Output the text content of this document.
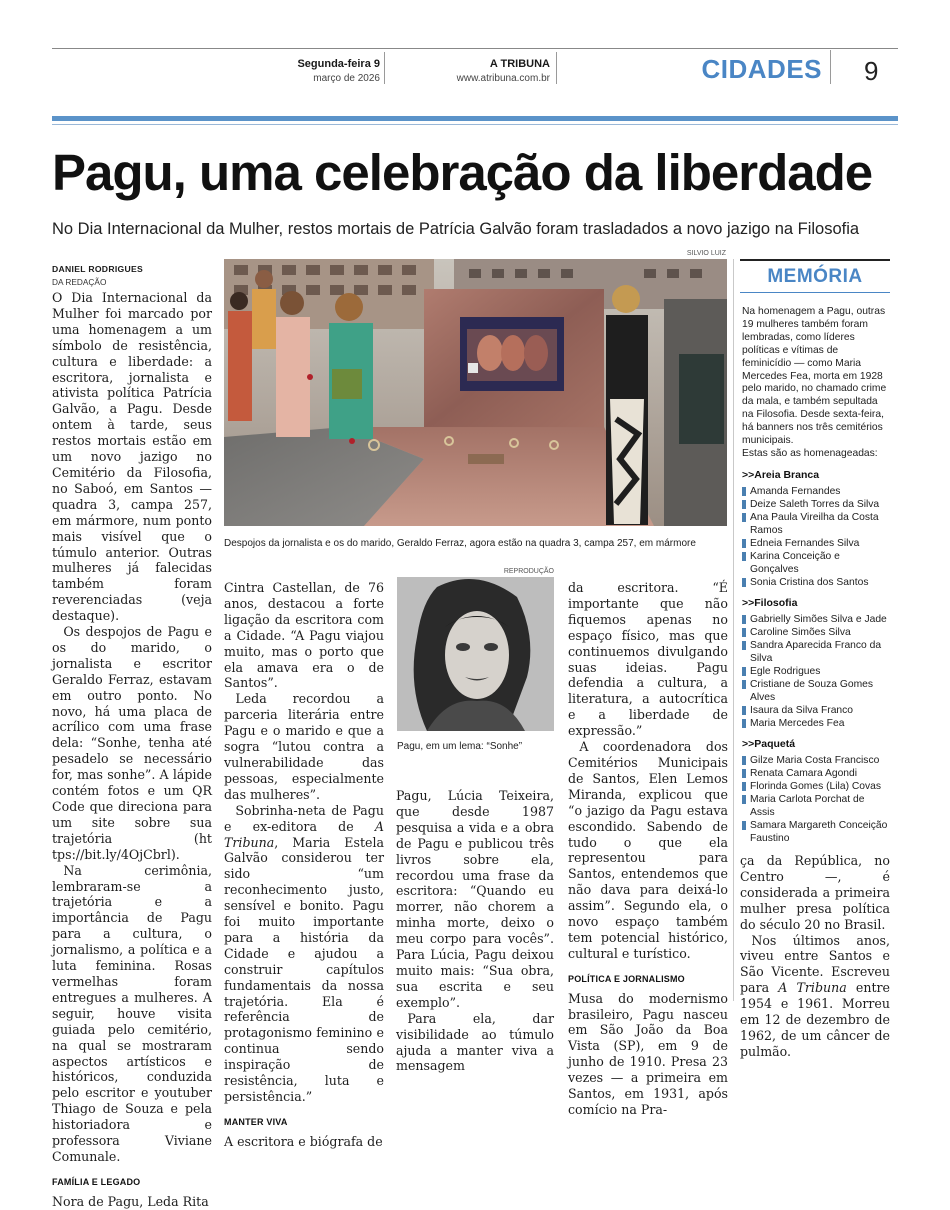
Segunda-feira 9
março de 2026
A TRIBUNA
www.atribuna.com.br	CIDADES 9
Pagu, uma celebração da liberdade
No Dia Internacional da Mulher, restos mortais de Patrícia Galvão foram trasladados a novo jazigo na Filosofia
DANIEL RODRIGUES
DA REDAÇÃO

O Dia Internacional da Mulher foi marcado por uma homenagem a um símbolo de resistência, cultura e liberdade: a escritora, jornalista e ativista política Patrícia Galvão, a Pagu. Desde ontem à tarde, seus restos mortais estão em um novo jazigo no Cemitério da Filosofia, no Saboó, em Santos — quadra 3, campa 257, em mármore, num ponto mais visível que o túmulo anterior. Outras mulheres já falecidas também foram reverenciadas (veja destaque).

Os despojos de Pagu e os do marido, o jornalista e escritor Geraldo Ferraz, estavam em outro ponto. No novo, há uma placa de acrílico com uma frase dela: “Sonhe, tenha até pesadelo se necessário for, mas sonhe”. A lápide contém fotos e um QR Code que direciona para um site sobre sua trajetória (ht tps://bit.ly/4OjCbrl).

Na cerimônia, lembraram-se a trajetória e a importância de Pagu para a cultura, o jornalismo, a política e a luta feminina. Rosas vermelhas foram entregues a mulheres. A seguir, houve visita guiada pelo cemitério, na qual se mostraram aspectos artísticos e históricos, conduzida pelo escritor e youtuber Thiago de Souza e pela historiadora e professora Viviane Comunale.

FAMÍLIA E LEGADO

Nora de Pagu, Leda Rita

SILVIO LUIZ
Despojos da jornalista e os do marido, Geraldo Ferraz, agora estão na quadra 3, campa 257, em mármore

Cintra Castellan, de 76 anos, destacou a forte ligação da escritora com a Cidade. “A Pagu viajou muito, mas o porto que ela amava era o de Santos”.

Leda recordou a parceria literária entre Pagu e o marido e que a sogra “lutou contra a vulnerabilidade das pessoas, especialmente das mulheres”.

Sobrinha-neta de Pagu e ex-editora de A Tribuna, Maria Estela Galvão considerou ter sido “um reconhecimento justo, sensível e bonito. Pagu foi muito importante para a história da Cidade e ajudou a construir capítulos fundamentais da nossa trajetória. Ela é referência de protagonismo feminino e continua sendo inspiração de resistência, luta e persistência.”

MANTER VIVA

A escritora e biógrafa de

REPRODUÇÃO
Pagu, em um lema: “Sonhe”

Pagu, Lúcia Teixeira, que desde 1987 pesquisa a vida e a obra de Pagu e publicou três livros sobre ela, recordou uma frase da escritora: “Quando eu morrer, não chorem a minha morte, deixo o meu corpo para vocês”. Para Lúcia, Pagu deixou muito mais: “Sua obra, sua escrita e seu exemplo”.

Para ela, dar visibilidade ao túmulo ajuda a manter viva a mensagem

da escritora. “É importante que não fiquemos apenas no espaço físico, mas que continuemos divulgando suas ideias. Pagu defendia a cultura, a literatura, a autocrítica e a liberdade de expressão.”

A coordenadora dos Cemitérios Municipais de Santos, Elen Lemos Miranda, explicou que “o jazigo da Pagu estava escondido. Sabendo de tudo o que ela representou para Santos, entendemos que não dava para deixá-lo assim”. Segundo ela, o novo espaço também tem potencial histórico, cultural e turístico.

POLÍTICA E JORNALISMO

Musa do modernismo brasileiro, Pagu nasceu em São João da Boa Vista (SP), em 9 de junho de 1910. Presa 23 vezes — a primeira em Santos, em 1931, após comício na Pra-

ça da República, no Centro —, é considerada a primeira mulher presa política do século 20 no Brasil.

Nos últimos anos, viveu entre Santos e São Vicente. Escreveu para A Tribuna entre 1954 e 1961. Morreu em 12 de dezembro de 1962, de um câncer de pulmão.

MEMÓRIA
Na homenagem a Pagu, outras 19 mulheres também foram lembradas, como líderes políticas e vítimas de feminicídio — como Maria Mercedes Fea, morta em 1928 pelo marido, no chamado crime da mala, e também sepultada na Filosofia. Desde sexta-feira, há banners nos três cemitérios municipais.
Estas são as homenageadas:
>>Areia Branca
Amanda Fernandes
Deize Saleth Torres da Silva
Ana Paula Vireilha da Costa Ramos
Edneia Fernandes Silva
Karina Conceição e Gonçalves
Sonia Cristina dos Santos
>>Filosofia
Gabrielly Simões Silva e Jade
Caroline Simões Silva
Sandra Aparecida Franco da Silva
Egle Rodrigues
Cristiane de Souza Gomes Alves
Isaura da Silva Franco
Maria Mercedes Fea
>>Paquetá
Gilze Maria Costa Francisco
Renata Camara Agondi
Florinda Gomes (Lila) Covas
Maria Carlota Porchat de Assis
Samara Margareth Conceição Faustino
